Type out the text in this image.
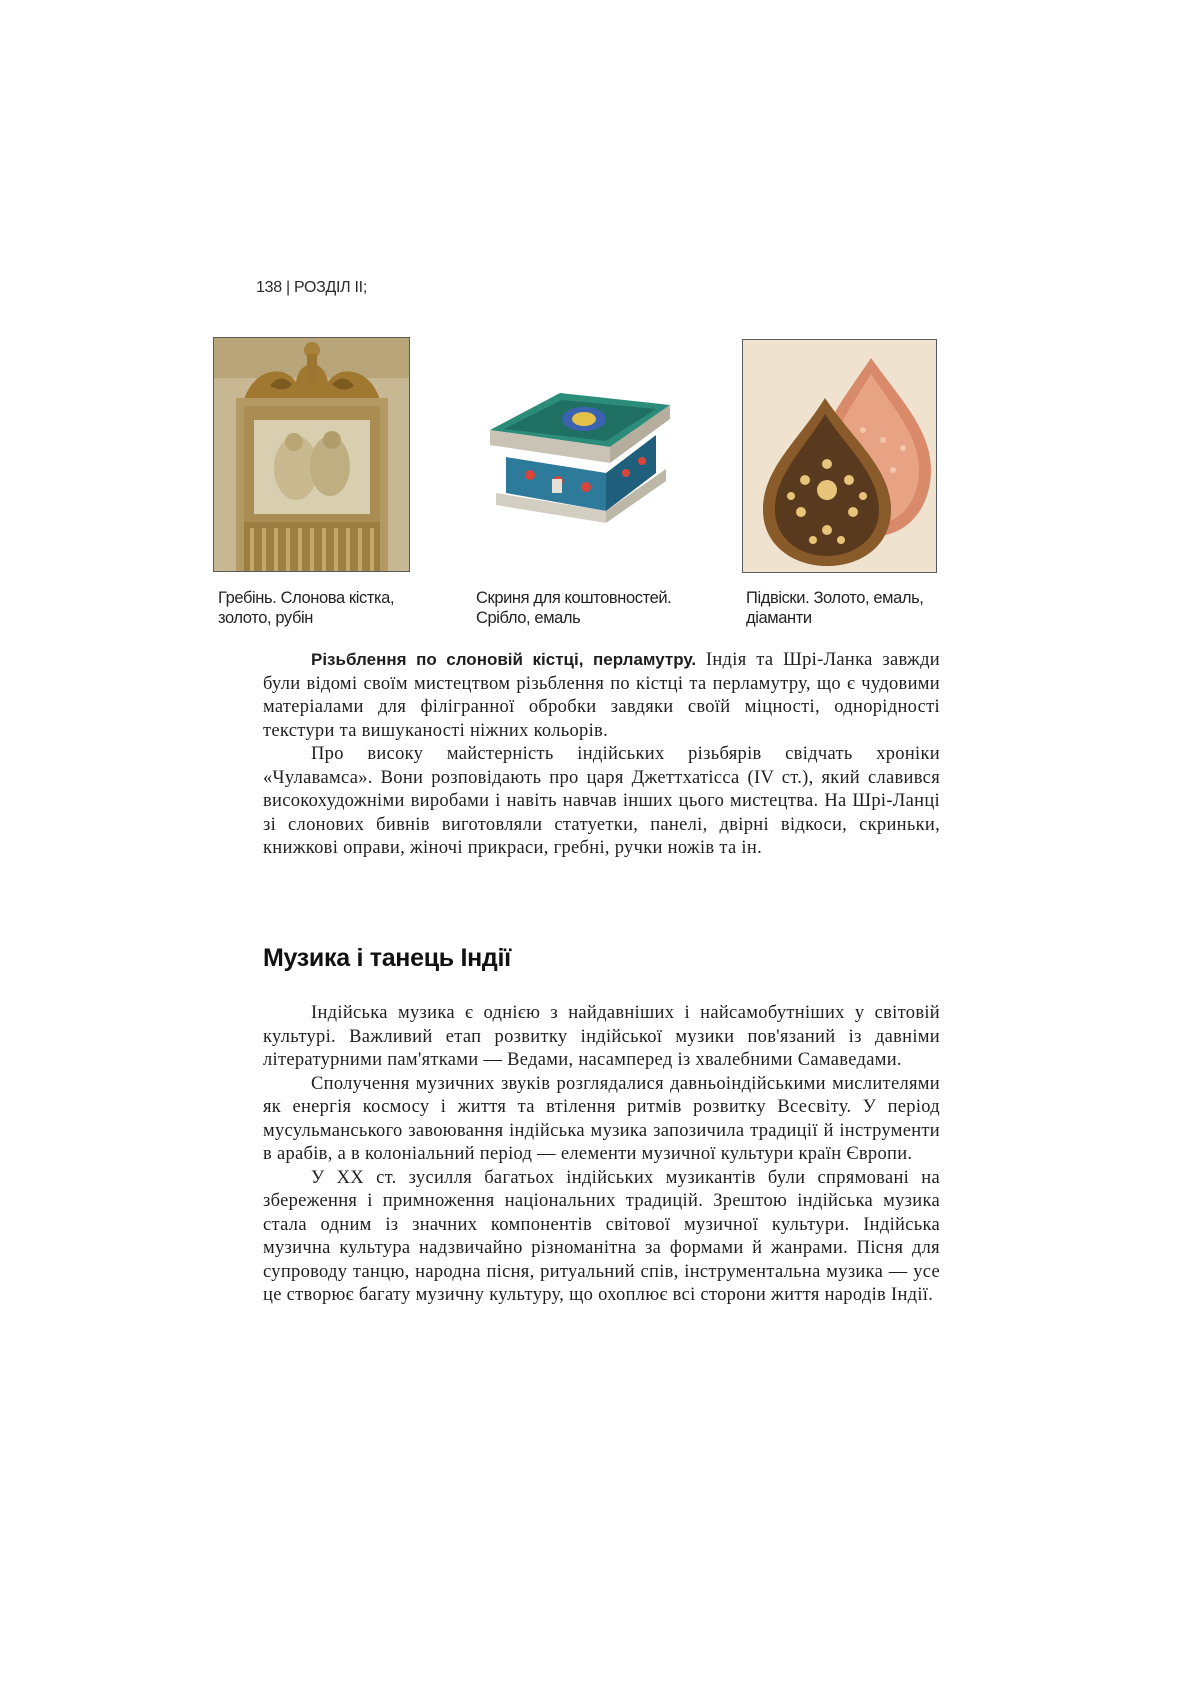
138 | РОЗДІЛ ІІ;
Гребінь. Слонова кістка,
золото, рубін
Скриня для коштовностей.
Срібло, емаль
Підвіски. Золото, емаль,
діаманти

Різьблення по слоновій кістці, перламутру. Індія та Шрі-Ланка завжди були відомі своїм мистецтвом різьблення по кістці та перламутру, що є чудовими матеріалами для філігранної обробки завдяки своїй міцності, однорідності текстури та вишуканості ніжних кольорів.

Про високу майстерність індійських різьбярів свідчать хроніки «Чулавамса». Вони розповідають про царя Джеттхатісса (IV ст.), який славився високохудожніми виробами і навіть навчав інших цього мистецтва. На Шрі-Ланці зі слонових бивнів виготовляли статуетки, панелі, двірні відкоси, скриньки, книжкові оправи, жіночі прикраси, гребні, ручки ножів та ін.

Музика і танець Індії

Індійська музика є однією з найдавніших і найсамобутніших у світовій культурі. Важливий етап розвитку індійської музики пов'язаний із давніми літературними пам'ятками — Ведами, насамперед із хвалебними Самаведами.

Сполучення музичних звуків розглядалися давньоіндійськими мислителями як енергія космосу і життя та втілення ритмів розвитку Всесвіту. У період мусульманського завоювання індійська музика запозичила традиції й інструменти в арабів, а в колоніальний період — елементи музичної культури країн Європи.

У ХХ ст. зусилля багатьох індійських музикантів були спрямовані на збереження і примноження національних традицій. Зрештою індійська музика стала одним із значних компонентів світової музичної культури. Індійська музична культура надзвичайно різноманітна за формами й жанрами. Пісня для супроводу танцю, народна пісня, ритуальний спів, інструментальна музика — усе це створює багату музичну культуру, що охоплює всі сторони життя народів Індії.
